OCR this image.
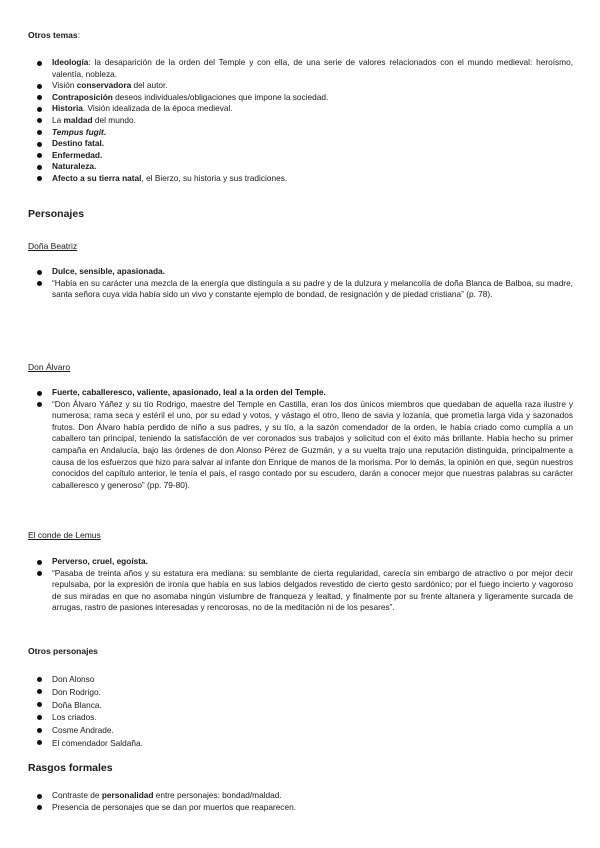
Otros temas:
Ideología: la desaparición de la orden del Temple y con ella, de una serie de valores relacionados con el mundo medieval: heroísmo, valentía, nobleza.
Visión conservadora del autor.
Contraposición deseos individuales/obligaciones que impone la sociedad.
Historia. Visión idealizada de la época medieval.
La maldad del mundo.
Tempus fugit.
Destino fatal.
Enfermedad.
Naturaleza.
Afecto a su tierra natal, el Bierzo, su historia y sus tradiciones.
Personajes
Doña Beatriz
Dulce, sensible, apasionada.
“Había en su carácter una mezcla de la energía que distinguía a su padre y de la dulzura y melancolía de doña Blanca de Balboa, su madre, santa señora cuya vida había sido un vivo y constante ejemplo de bondad, de resignación y de piedad cristiana” (p. 78).
Don Álvaro
Fuerte, caballeresco, valiente, apasionado, leal a la orden del Temple.
“Don Álvaro Yáñez y su tío Rodrigo, maestre del Temple en Castilla, eran los dos únicos miembros que quedaban de aquella raza ilustre y numerosa; rama seca y estéril el uno, por su edad y votos, y vástago el otro, lleno de savia y lozanía, que prometía larga vida y sazonados frutos. Don Álvaro había perdido de niño a sus padres, y su tío, a la sazón comendador de la orden, le había criado como cumplía a un caballero tan principal, teniendo la satisfacción de ver coronados sus trabajos y solicitud con el éxito más brillante. Había hecho su primer campaña en Andalucía, bajo las órdenes de don Alonso Pérez de Guzmán, y a su vuelta trajo una reputación distinguida, principalmente a causa de los esfuerzos que hizo para salvar al infante don Enrique de manos de la morisma. Por lo demás, la opinión en que, según nuestros conocidos del capítulo anterior, le tenía el país, el rasgo contado por su escudero, darán a conocer mejor que nuestras palabras su carácter caballeresco y generoso” (pp. 79-80).
El conde de Lemus
Perverso, cruel, egoísta.
“Pasaba de treinta años y su estatura era mediana: su semblante de cierta regularidad, carecía sin embargo de atractivo o por mejor decir repulsaba, por la expresión de ironía que había en sus labios delgados revestido de cierto gesto sardónico; por el fuego incierto y vagoroso de sus miradas en que no asomaba ningún vislumbre de franqueza y lealtad, y finalmente por su frente altanera y ligeramente surcada de arrugas, rastro de pasiones interesadas y rencorosas, no de la meditación ni de los pesares”.
Otros personajes
Don Alonso
Don Rodrigo.
Doña Blanca.
Los criados.
Cosme Andrade.
El comendador Saldaña.
Rasgos formales
Contraste de personalidad entre personajes: bondad/maldad.
Presencia de personajes que se dan por muertos que reaparecen.
